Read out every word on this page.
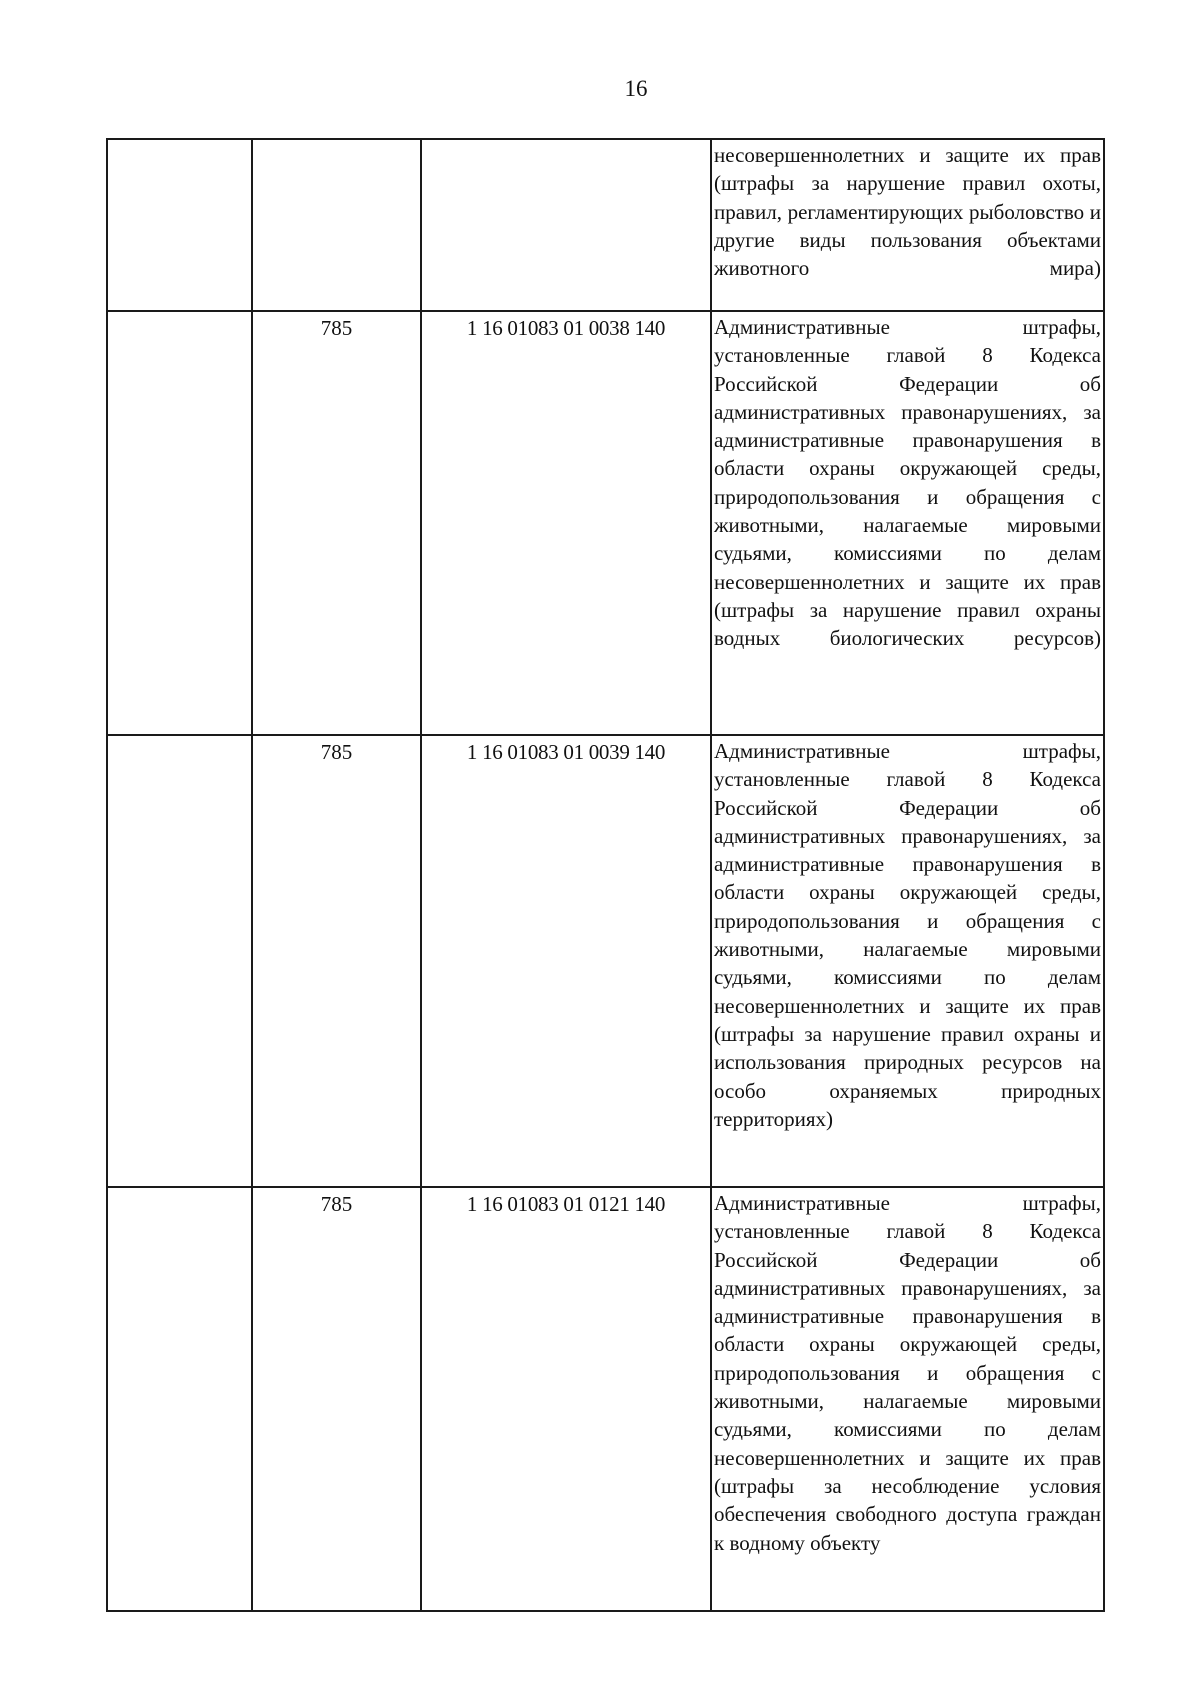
16
			несовершеннолетних и защите их прав (штрафы за нарушение правил охоты, правил, регламентирующих рыболовство и другие виды пользования объектами животного мира)
	785	1 16 01083 01 0038 140	Административные штрафы, установленные главой 8 Кодекса Российской Федерации об административных правонарушениях, за административные правонарушения в области охраны окружающей среды, природопользования и обращения с животными, налагаемые мировыми судьями, комиссиями по делам несовершеннолетних и защите их прав (штрафы за нарушение правил охраны водных биологических ресурсов)
	785	1 16 01083 01 0039 140	Административные штрафы, установленные главой 8 Кодекса Российской Федерации об административных правонарушениях, за административные правонарушения в области охраны окружающей среды, природопользования и обращения с животными, налагаемые мировыми судьями, комиссиями по делам несовершеннолетних и защите их прав (штрафы за нарушение правил охраны и использования природных ресурсов на особо охраняемых природных территориях)
	785	1 16 01083 01 0121 140	Административные штрафы, установленные главой 8 Кодекса Российской Федерации об административных правонарушениях, за административные правонарушения в области охраны окружающей среды, природопользования и обращения с животными, налагаемые мировыми судьями, комиссиями по делам несовершеннолетних и защите их прав (штрафы за несоблюдение условия обеспечения свободного доступа граждан к водному объекту
